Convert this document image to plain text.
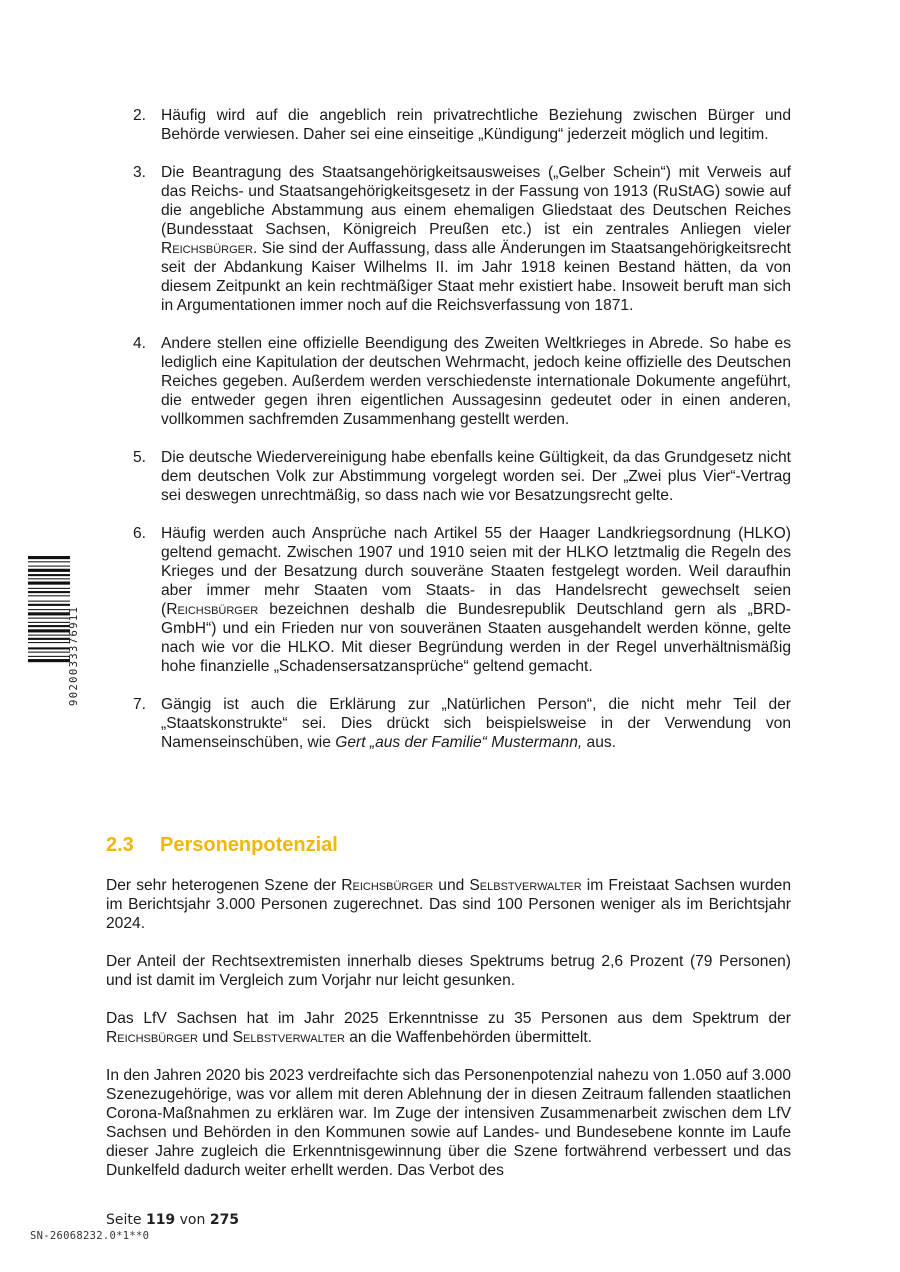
9020033376911
2. Häufig wird auf die angeblich rein privatrechtliche Beziehung zwischen Bürger und Behörde verwiesen. Daher sei eine einseitige „Kündigung“ jederzeit möglich und legitim.
3. Die Beantragung des Staatsangehörigkeitsausweises („Gelber Schein“) mit Verweis auf das Reichs- und Staatsangehörigkeitsgesetz in der Fassung von 1913 (RuStAG) sowie auf die angebliche Abstammung aus einem ehemaligen Gliedstaat des Deutschen Reiches (Bundesstaat Sachsen, Königreich Preußen etc.) ist ein zentrales Anliegen vieler Reichsbürger. Sie sind der Auffassung, dass alle Änderungen im Staatsangehörigkeitsrecht seit der Abdankung Kaiser Wilhelms II. im Jahr 1918 keinen Bestand hätten, da von diesem Zeitpunkt an kein rechtmäßiger Staat mehr existiert habe. Insoweit beruft man sich in Argumentationen immer noch auf die Reichsverfassung von 1871.
4. Andere stellen eine offizielle Beendigung des Zweiten Weltkrieges in Abrede. So habe es lediglich eine Kapitulation der deutschen Wehrmacht, jedoch keine offizielle des Deutschen Reiches gegeben. Außerdem werden verschiedenste internationale Dokumente angeführt, die entweder gegen ihren eigentlichen Aussagesinn gedeutet oder in einen anderen, vollkommen sachfremden Zusammenhang gestellt werden.
5. Die deutsche Wiedervereinigung habe ebenfalls keine Gültigkeit, da das Grundgesetz nicht dem deutschen Volk zur Abstimmung vorgelegt worden sei. Der „Zwei plus Vier“-Vertrag sei deswegen unrechtmäßig, so dass nach wie vor Besatzungsrecht gelte.
6. Häufig werden auch Ansprüche nach Artikel 55 der Haager Landkriegsordnung (HLKO) geltend gemacht. Zwischen 1907 und 1910 seien mit der HLKO letztmalig die Regeln des Krieges und der Besatzung durch souveräne Staaten festgelegt worden. Weil daraufhin aber immer mehr Staaten vom Staats- in das Handelsrecht gewechselt seien (Reichsbürger bezeichnen deshalb die Bundesrepublik Deutschland gern als „BRD-GmbH“) und ein Frieden nur von souveränen Staaten ausgehandelt werden könne, gelte nach wie vor die HLKO. Mit dieser Begründung werden in der Regel unverhältnismäßig hohe finanzielle „Schadensersatzansprüche“ geltend gemacht.
7. Gängig ist auch die Erklärung zur „Natürlichen Person“, die nicht mehr Teil der „Staatskonstrukte“ sei. Dies drückt sich beispielsweise in der Verwendung von Namenseinschüben, wie Gert „aus der Familie“ Mustermann, aus.
2.3 Personenpotenzial

Der sehr heterogenen Szene der Reichsbürger und Selbstverwalter im Freistaat Sachsen wurden im Berichtsjahr 3.000 Personen zugerechnet. Das sind 100 Personen weniger als im Berichtsjahr 2024.

Der Anteil der Rechtsextremisten innerhalb dieses Spektrums betrug 2,6 Prozent (79 Personen) und ist damit im Vergleich zum Vorjahr nur leicht gesunken.

Das LfV Sachsen hat im Jahr 2025 Erkenntnisse zu 35 Personen aus dem Spektrum der Reichsbürger und Selbstverwalter an die Waffenbehörden übermittelt.

In den Jahren 2020 bis 2023 verdreifachte sich das Personenpotenzial nahezu von 1.050 auf 3.000 Szenezugehörige, was vor allem mit deren Ablehnung der in diesen Zeitraum fallenden staatlichen Corona-Maßnahmen zu erklären war. Im Zuge der intensiven Zusammenarbeit zwischen dem LfV Sachsen und Behörden in den Kommunen sowie auf Landes- und Bundesebene konnte im Laufe dieser Jahre zugleich die Erkenntnisgewinnung über die Szene fortwährend verbessert und das Dunkelfeld dadurch weiter erhellt werden. Das Verbot des

Seite 119 von 275
SN-26068232.0*1**0
